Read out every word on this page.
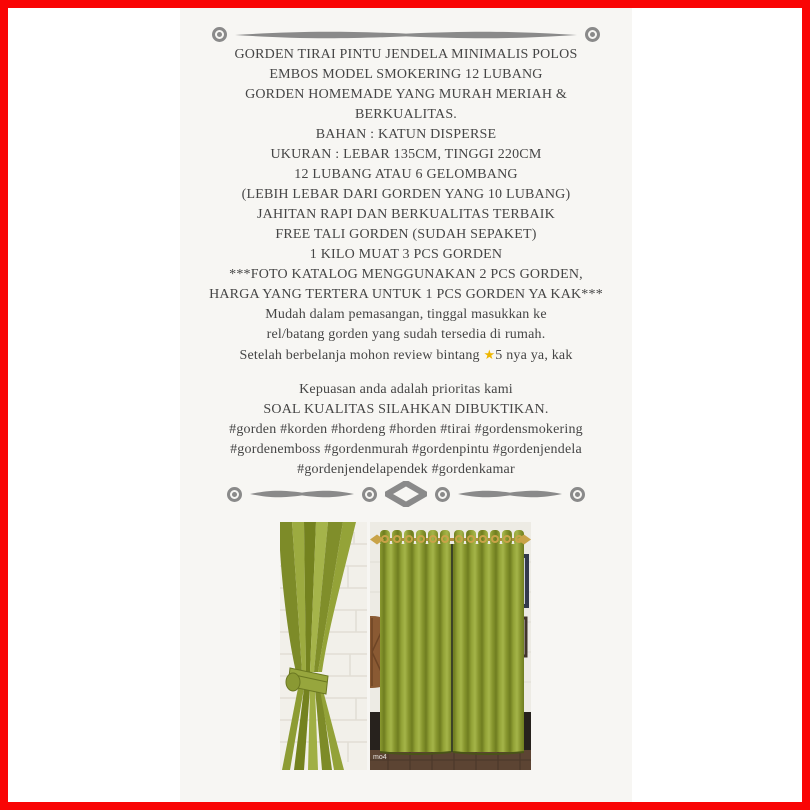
GORDEN TIRAI PINTU JENDELA MINIMALIS POLOS
EMBOS MODEL SMOKERING 12 LUBANG
GORDEN HOMEMADE YANG MURAH MERIAH &
BERKUALITAS.
BAHAN : KATUN DISPERSE
UKURAN : LEBAR 135CM, TINGGI 220CM
12 LUBANG ATAU 6 GELOMBANG
(LEBIH LEBAR DARI GORDEN YANG 10 LUBANG)
JAHITAN RAPI DAN BERKUALITAS TERBAIK
FREE TALI GORDEN (SUDAH SEPAKET)
1 KILO MUAT 3 PCS GORDEN
***FOTO KATALOG MENGGUNAKAN 2 PCS GORDEN,
HARGA YANG TERTERA UNTUK 1 PCS GORDEN YA KAK***
Mudah dalam pemasangan, tinggal masukkan ke
rel/batang gorden yang sudah tersedia di rumah.
Setelah berbelanja mohon review bintang ★5 nya ya, kak
Kepuasan anda adalah prioritas kami
SOAL KUALITAS SILAHKAN DIBUKTIKAN.
#gorden #korden #hordeng #horden #tirai #gordensmokering
#gordenemboss #gordenmurah #gordenpintu #gordenjendela
#gordenjendelapendek #gordenkamar
mo4
